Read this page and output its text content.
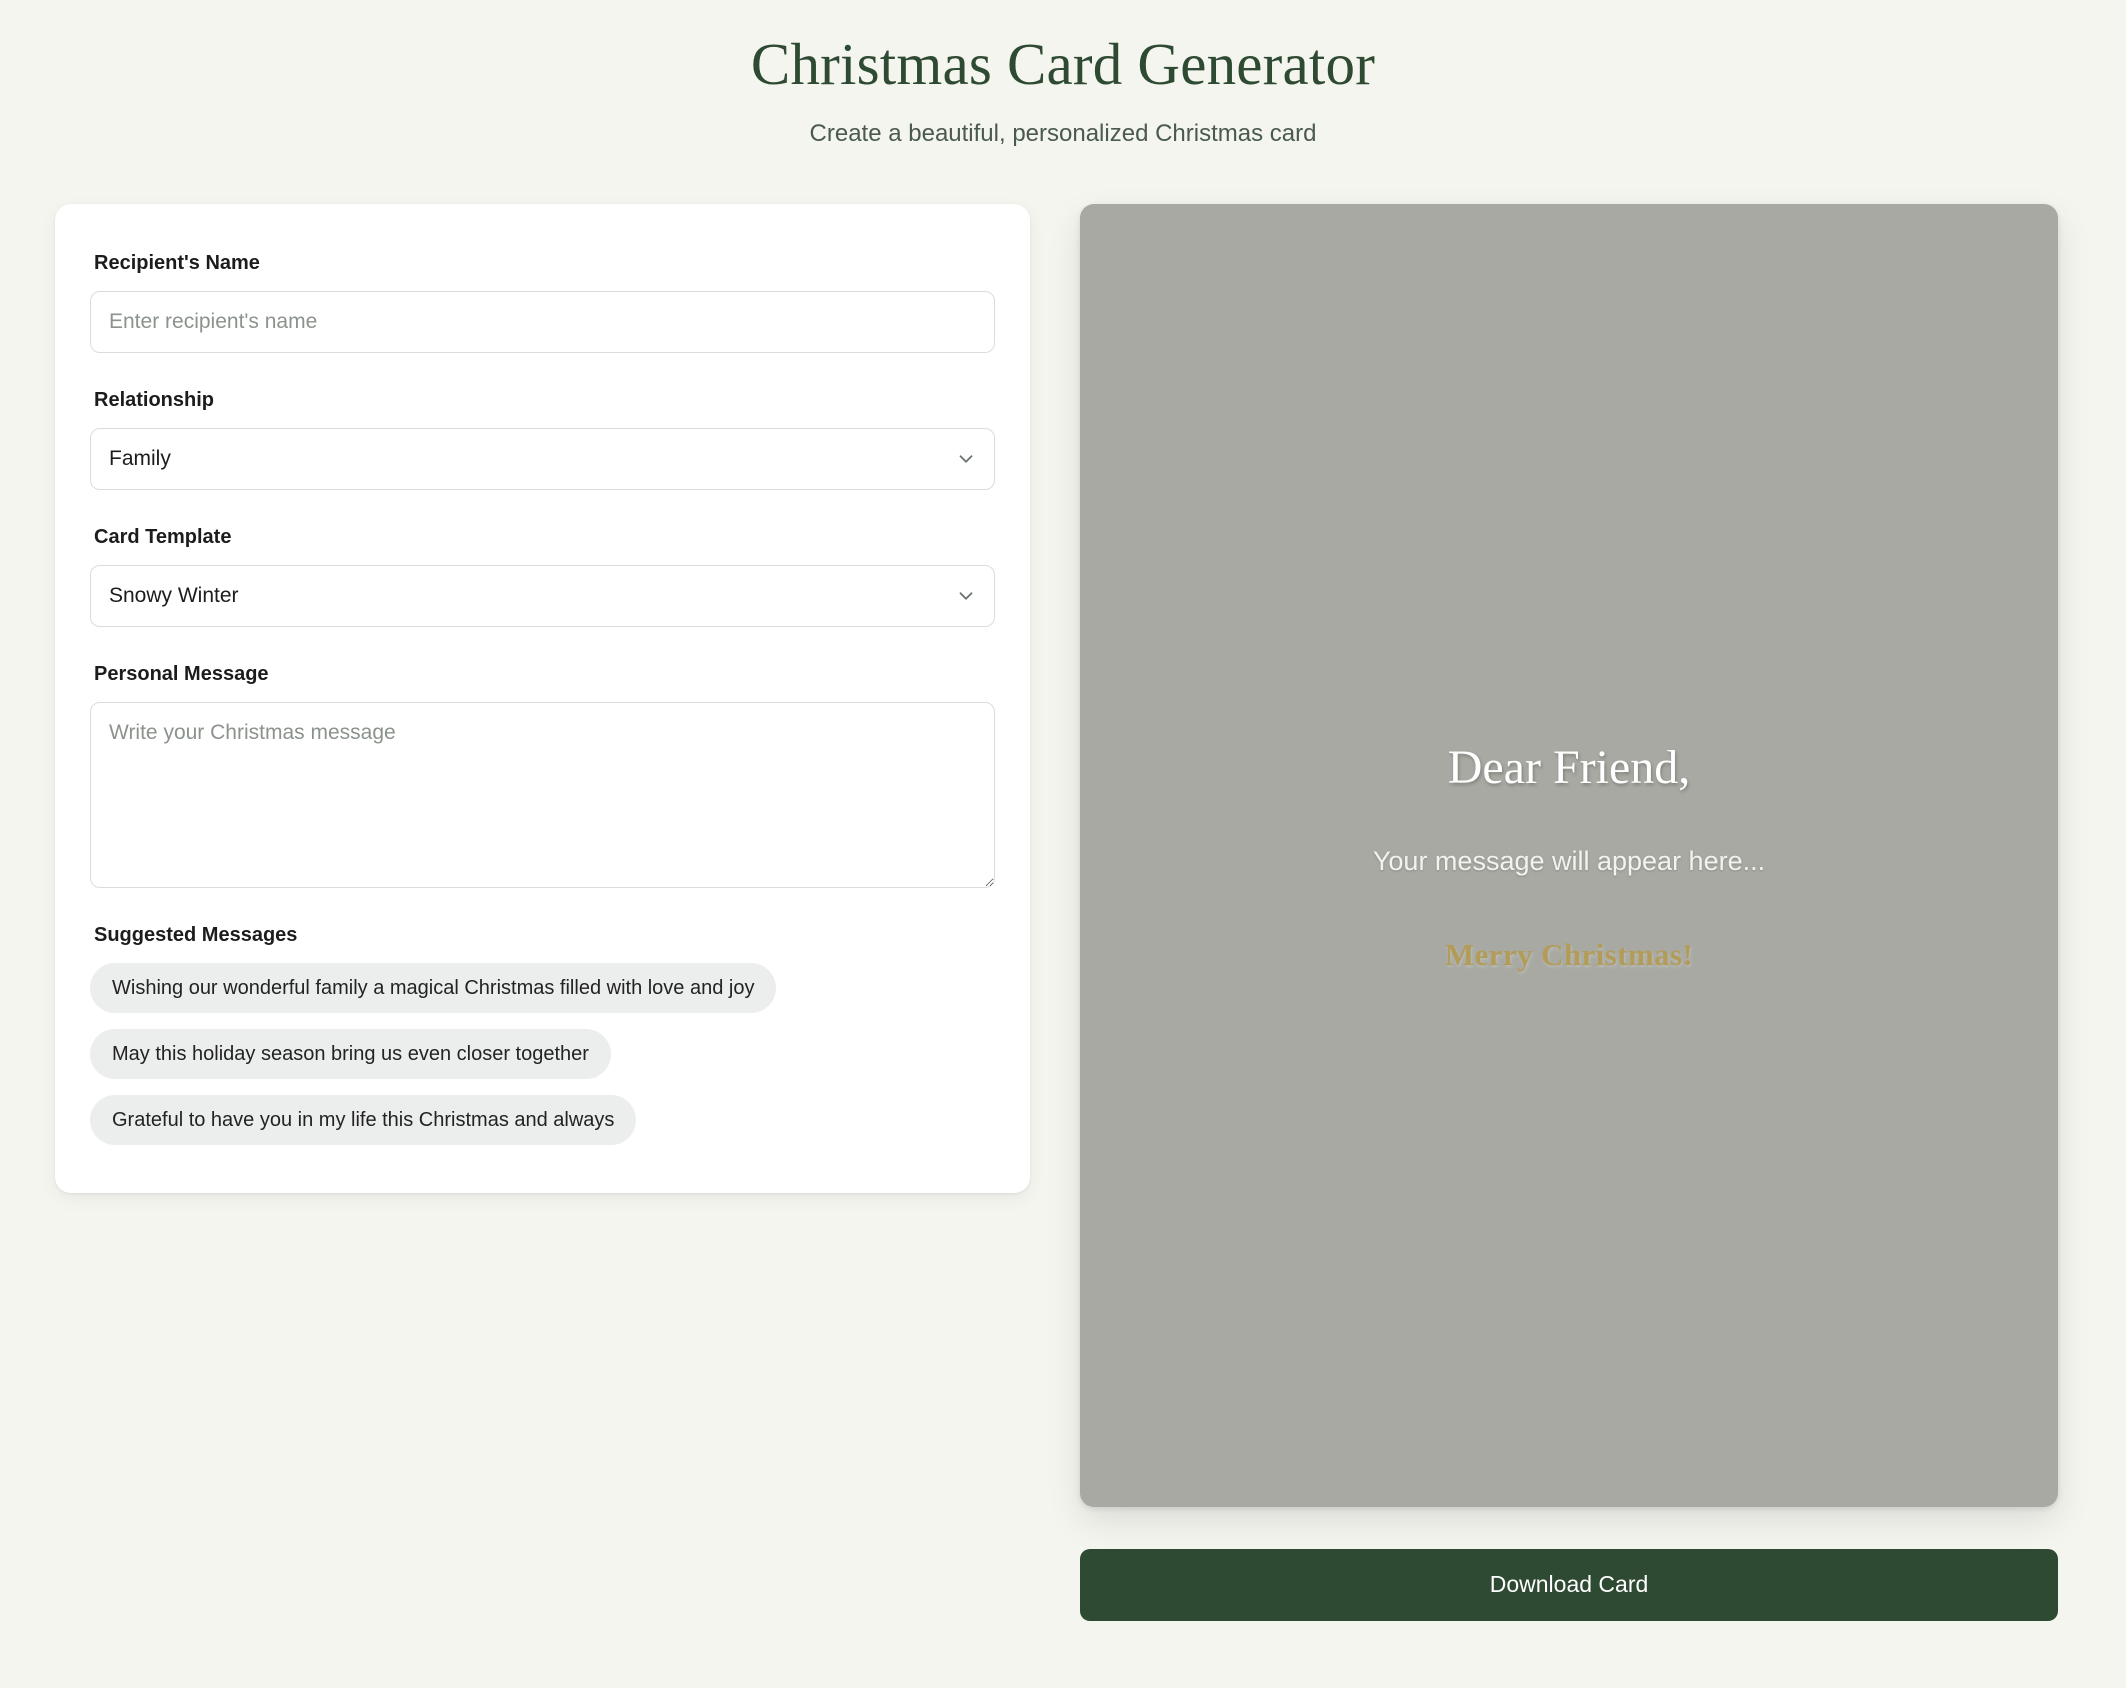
Christmas Card Generator

Create a beautiful, personalized Christmas card

Recipient's Name
Enter recipient's name
Relationship
Family
Card Template
Snowy Winter
Personal Message
Write your Christmas message
Suggested Messages
Wishing our wonderful family a magical Christmas filled with love and joy
May this holiday season bring us even closer together
Grateful to have you in my life this Christmas and always
Dear Friend,
Your message will appear here...
Merry Christmas!
Download Card
